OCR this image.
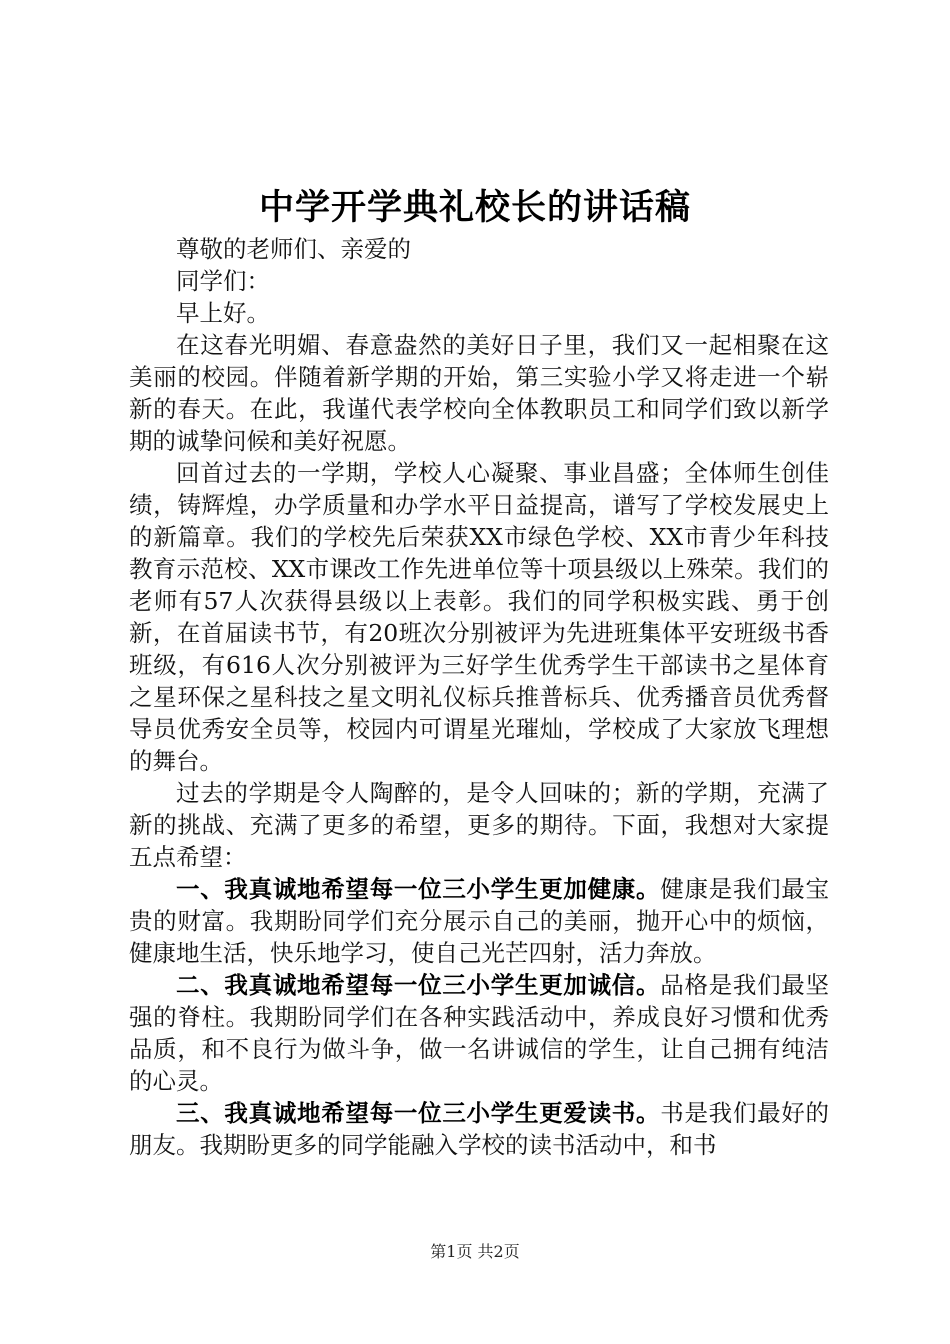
中学开学典礼校长的讲话稿

尊敬的老师们、亲爱的

同学们：

早上好。

在这春光明媚、春意盎然的美好日子里，我们又一起相聚在这美丽的校园。伴随着新学期的开始，第三实验小学又将走进一个崭新的春天。在此，我谨代表学校向全体教职员工和同学们致以新学期的诚挚问候和美好祝愿。

回首过去的一学期，学校人心凝聚、事业昌盛；全体师生创佳绩，铸辉煌，办学质量和办学水平日益提高，谱写了学校发展史上的新篇章。我们的学校先后荣获XX市绿色学校、XX市青少年科技教育示范校、XX市课改工作先进单位等十项县级以上殊荣。我们的老师有57人次获得县级以上表彰。我们的同学积极实践、勇于创新，在首届读书节，有20班次分别被评为先进班集体平安班级书香班级，有616人次分别被评为三好学生优秀学生干部读书之星体育之星环保之星科技之星文明礼仪标兵推普标兵、优秀播音员优秀督导员优秀安全员等，校园内可谓星光璀灿，学校成了大家放飞理想的舞台。

过去的学期是令人陶醉的，是令人回味的；新的学期，充满了新的挑战、充满了更多的希望，更多的期待。下面，我想对大家提五点希望：

一、我真诚地希望每一位三小学生更加健康。健康是我们最宝贵的财富。我期盼同学们充分展示自己的美丽，抛开心中的烦恼，健康地生活，快乐地学习，使自己光芒四射，活力奔放。

二、我真诚地希望每一位三小学生更加诚信。品格是我们最坚强的脊柱。我期盼同学们在各种实践活动中，养成良好习惯和优秀品质，和不良行为做斗争，做一名讲诚信的学生，让自己拥有纯洁的心灵。

三、我真诚地希望每一位三小学生更爱读书。书是我们最好的朋友。我期盼更多的同学能融入学校的读书活动中，和书

第1页 共2页
